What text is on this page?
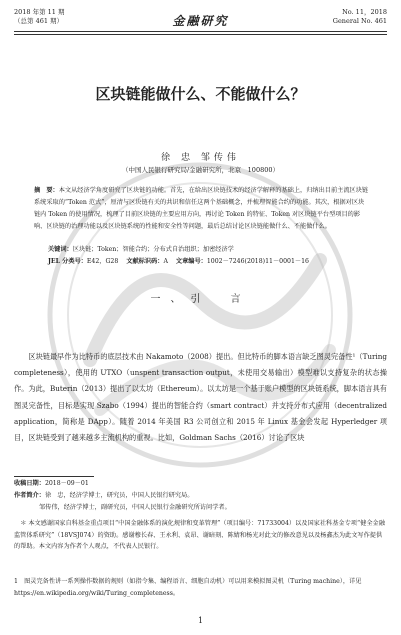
2018 年第 11 期
（总第 461 期）	金融研究
No. 11，2018
General No. 461
区块链能做什么、不能做什么？
徐 忠 邹传伟
（中国人民银行研究局/金融研究所，北京　100800）
摘　要：本文从经济学角度研究了区块链的功能。首先，在给出区块链技术的经济学解释的基础上，归纳出目前主流区块链系统采取的“Token 范式”，厘清与区块链有关的共识和信任这两个基础概念，并梳理智能合约的功能。其次，根据对区块链内 Token 的使用情况，梳理了目前区块链的主要应用方向，再讨论 Token 的特征、Token 对区块链平台型项目的影响、区块链的治理功能以及区块链系统的性能和安全性等问题，最后总结讨论区块链能做什么、不能做什么。
关键词：区块链；Token；智能合约；分布式自治组织；加密经济学
JEL 分类号：E42，G28 文献标识码：A 文章编号：1002－7246(2018)11－0001－16
一、引　言
区块链最早作为比特币的底层技术由 Nakamoto（2008）提出。但比特币的脚本语言缺乏图灵完备性¹（Turing completeness），使用的 UTXO（unspent transaction output，未使用交易输出）模型难以支持复杂的状态操作。为此，Buterin（2013）提出了以太坊（Ethereum）。以太坊是一个基于账户模型的区块链系统，脚本语言具有图灵完备性，目标是实现 Szabo（1994）提出的智能合约（smart contract）并支持分布式应用（decentralized application，简称是 DApp）。随着 2014 年美国 R3 公司创立和 2015 年 Linux 基金会发起 Hyperledger 项目，区块链受到了越来越多主流机构的重视。比如，Goldman Sachs（2016）讨论了区块
收稿日期：2018－09－01
作者简介：徐　忠，经济学博士，研究员，中国人民银行研究局。
邹传伟，经济学博士，副研究员，中国人民银行金融研究所访问学者。
＊ 本文感谢国家自科基金重点项目“中国金融体系的演化规律和变革管理”（项目编号：71733004）以及国家社科基金专项“健全金融监管体系研究”（18VSJ074）的资助。感谢穆长春、王永利、袁昂、谢暗刻、陈婧和杨光对此文的修改意见以及杨鑫杰为此文写作提供的帮助。本文内容为作者个人观点，不代表人民银行。
1　图灵完备性讲一系列操作数据的规则（如指令集、编程语言、细胞自动机）可以用来模拟图灵机（Turing machine），详见 https://en.wikipedia.org/wiki/Turing_completeness。
1
